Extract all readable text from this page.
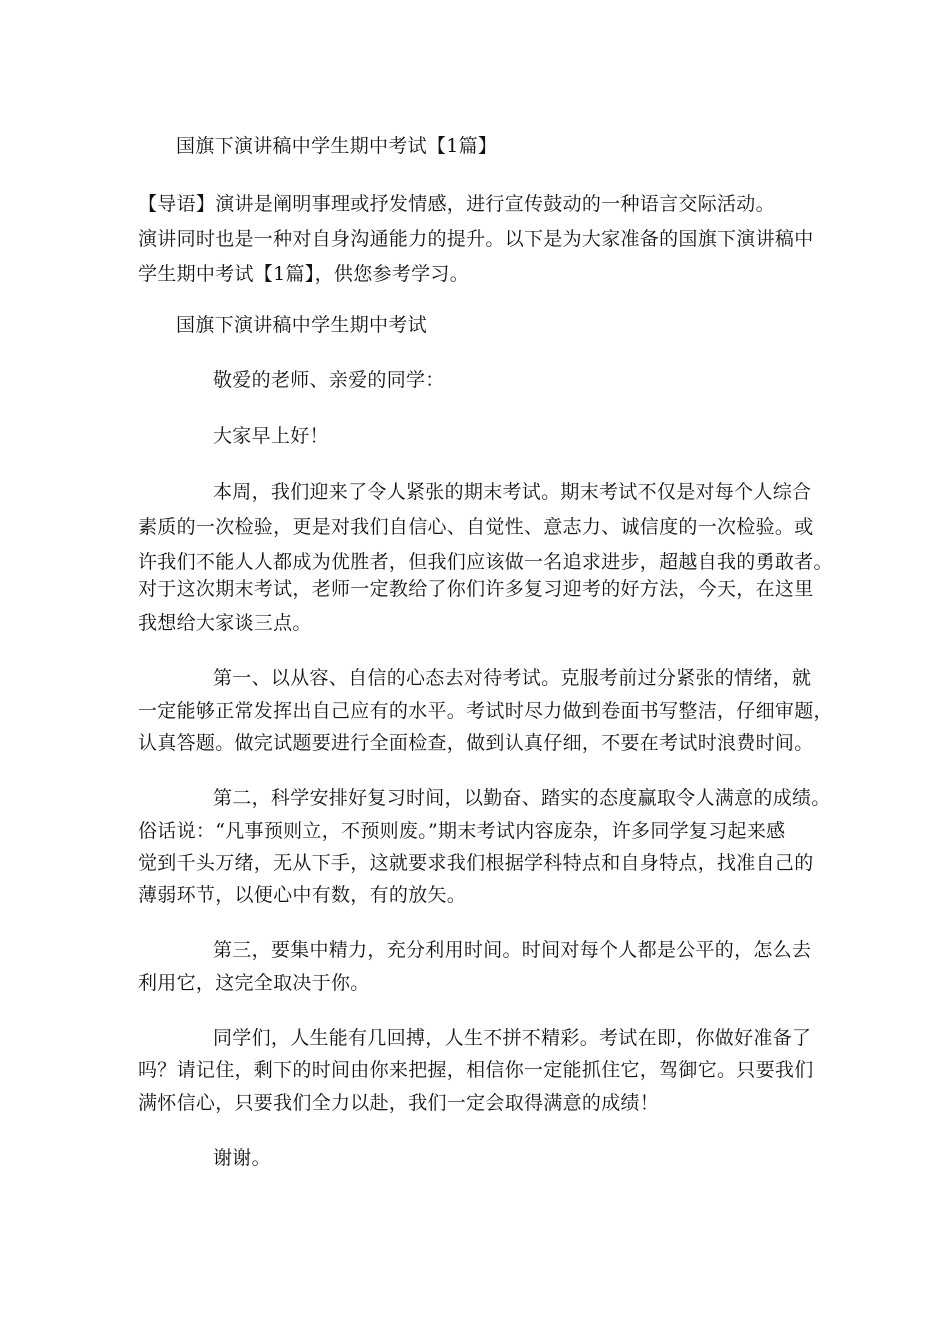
国旗下演讲稿中学生期中考试【1篇】
【导语】演讲是阐明事理或抒发情感，进行宣传鼓动的一种语言交际活动。
演讲同时也是一种对自身沟通能力的提升。以下是为大家准备的国旗下演讲稿中
学生期中考试【1篇】，供您参考学习。
国旗下演讲稿中学生期中考试
敬爱的老师、亲爱的同学：
大家早上好！
本周，我们迎来了令人紧张的期末考试。期末考试不仅是对每个人综合
素质的一次检验，更是对我们自信心、自觉性、意志力、诚信度的一次检验。或
许我们不能人人都成为优胜者，但我们应该做一名追求进步，超越自我的勇敢者。
对于这次期末考试，老师一定教给了你们许多复习迎考的好方法，今天，在这里
我想给大家谈三点。
第一、以从容、自信的心态去对待考试。克服考前过分紧张的情绪，就
一定能够正常发挥出自己应有的水平。考试时尽力做到卷面书写整洁，仔细审题，
认真答题。做完试题要进行全面检查，做到认真仔细，不要在考试时浪费时间。
第二，科学安排好复习时间，以勤奋、踏实的态度赢取令人满意的成绩。
俗话说：“凡事预则立，不预则废。”期末考试内容庞杂，许多同学复习起来感
觉到千头万绪，无从下手，这就要求我们根据学科特点和自身特点，找准自己的
薄弱环节，以便心中有数，有的放矢。
第三，要集中精力，充分利用时间。时间对每个人都是公平的，怎么去
利用它，这完全取决于你。
同学们，人生能有几回搏，人生不拼不精彩。考试在即，你做好准备了
吗？请记住，剩下的时间由你来把握，相信你一定能抓住它，驾御它。只要我们
满怀信心，只要我们全力以赴，我们一定会取得满意的成绩！
谢谢。
